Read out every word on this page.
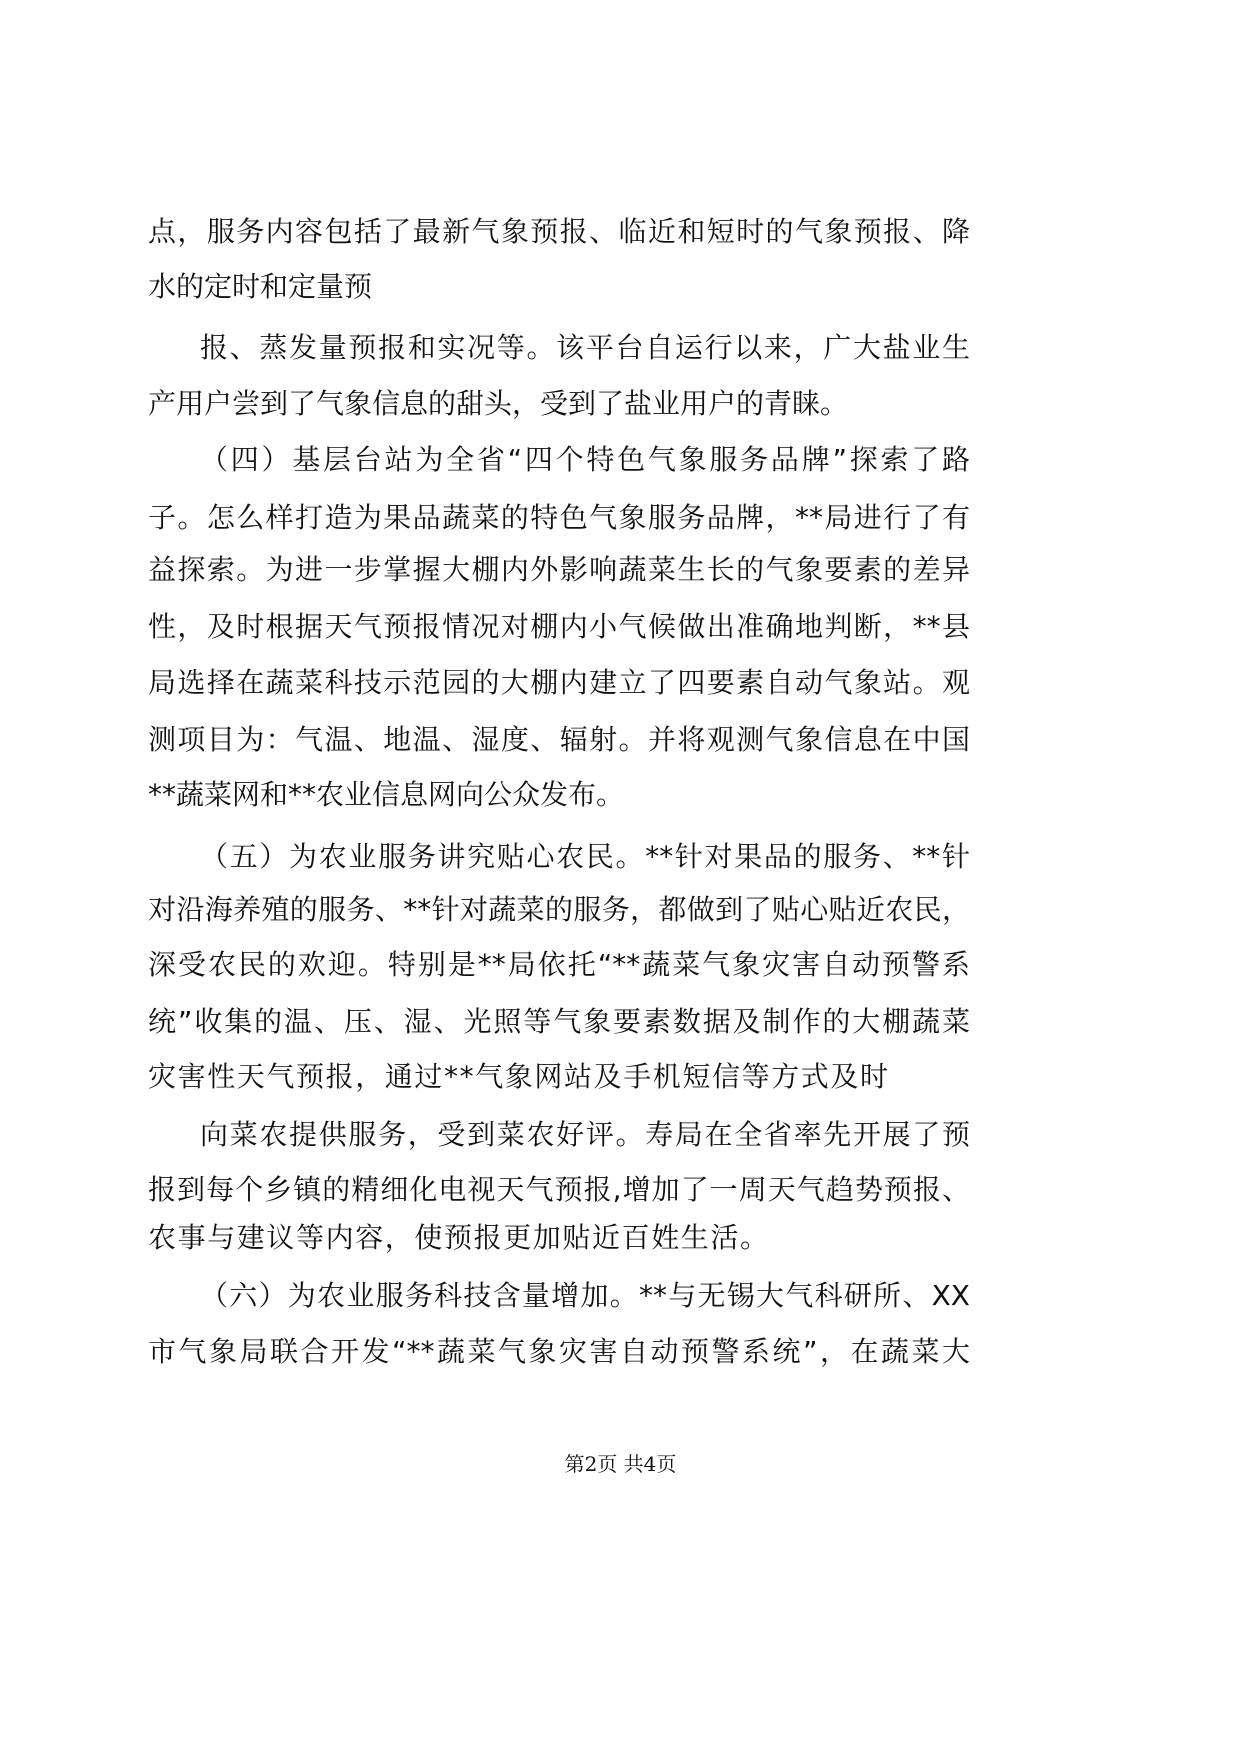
点，服务内容包括了最新气象预报、临近和短时的气象预报、降
水的定时和定量预
报、蒸发量预报和实况等。该平台自运行以来，广大盐业生
产用户尝到了气象信息的甜头，受到了盐业用户的青睐。
（四）基层台站为全省“四个特色气象服务品牌”探索了路
子。怎么样打造为果品蔬菜的特色气象服务品牌，**局进行了有
益探索。为进一步掌握大棚内外影响蔬菜生长的气象要素的差异
性，及时根据天气预报情况对棚内小气候做出准确地判断，**县
局选择在蔬菜科技示范园的大棚内建立了四要素自动气象站。观
测项目为：气温、地温、湿度、辐射。并将观测气象信息在中国
**蔬菜网和**农业信息网向公众发布。
（五）为农业服务讲究贴心农民。**针对果品的服务、**针
对沿海养殖的服务、**针对蔬菜的服务，都做到了贴心贴近农民，
深受农民的欢迎。特别是**局依托“**蔬菜气象灾害自动预警系
统”收集的温、压、湿、光照等气象要素数据及制作的大棚蔬菜
灾害性天气预报，通过**气象网站及手机短信等方式及时
向菜农提供服务，受到菜农好评。寿局在全省率先开展了预
报到每个乡镇的精细化电视天气预报,增加了一周天气趋势预报、
农事与建议等内容，使预报更加贴近百姓生活。
（六）为农业服务科技含量增加。**与无锡大气科研所、XX
市气象局联合开发“**蔬菜气象灾害自动预警系统”，在蔬菜大
第2页 共4页
